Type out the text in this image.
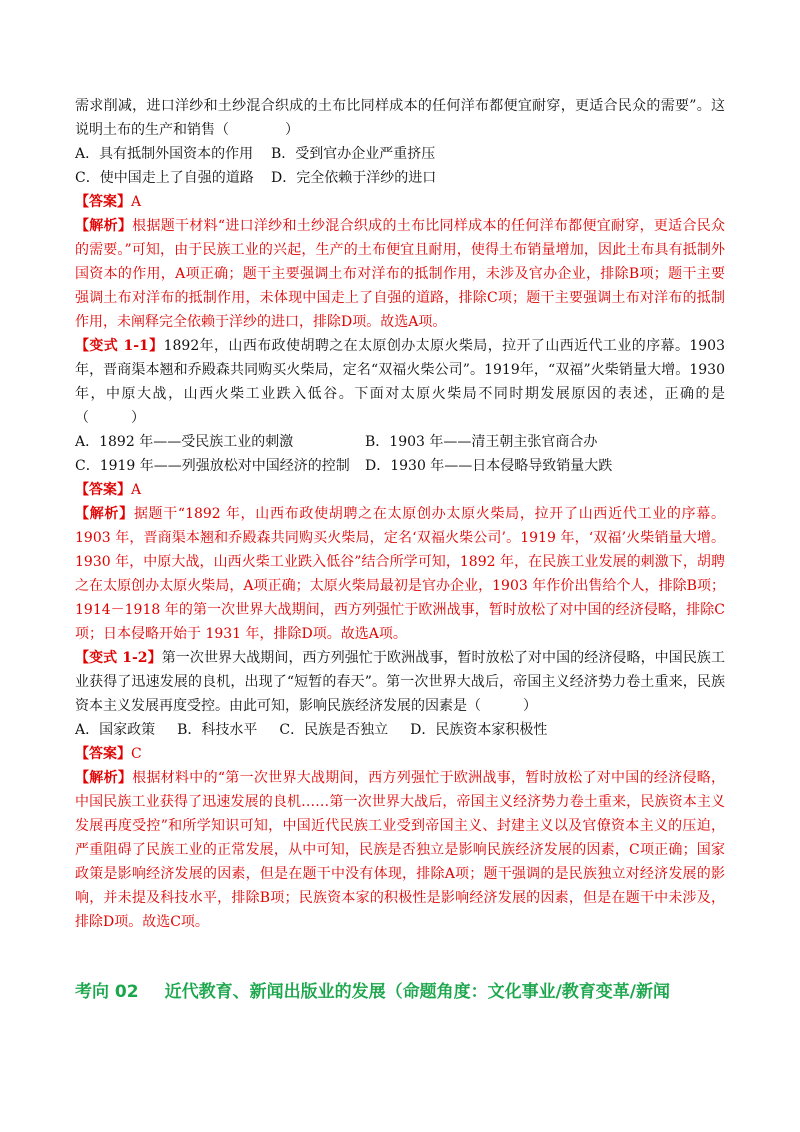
需求削减，进口洋纱和土纱混合织成的土布比同样成本的任何洋布都便宜耐穿，更适合民众的需要”。这说明土布的生产和销售（　　　　）

A．具有抵制外国资本的作用	B．受到官办企业严重挤压
C．使中国走上了自强的道路	D．完全依赖于洋纱的进口

【答案】A

【解析】根据题干材料“进口洋纱和土纱混合织成的土布比同样成本的任何洋布都便宜耐穿，更适合民众的需要。”可知，由于民族工业的兴起，生产的土布便宜且耐用，使得土布销量增加，因此土布具有抵制外国资本的作用，A项正确；题干主要强调土布对洋布的抵制作用，未涉及官办企业，排除B项；题干主要强调土布对洋布的抵制作用，未体现中国走上了自强的道路，排除C项；题干主要强调土布对洋布的抵制作用，未阐释完全依赖于洋纱的进口，排除D项。故选A项。

【变式 1-1】1892年，山西布政使胡聘之在太原创办太原火柴局，拉开了山西近代工业的序幕。1903年，晋商渠本翘和乔殿森共同购买火柴局，定名“双福火柴公司”。1919年，“双福”火柴销量大增。1930年，中原大战，山西火柴工业跌入低谷。下面对太原火柴局不同时期发展原因的表述，正确的是（　　　）

A．1892 年——受民族工业的刺激	B．1903 年——清王朝主张官商合办
C．1919 年——列强放松对中国经济的控制	D．1930 年——日本侵略导致销量大跌

【答案】A

【解析】据题干“1892 年，山西布政使胡聘之在太原创办太原火柴局，拉开了山西近代工业的序幕。1903 年，晋商渠本翘和乔殿森共同购买火柴局，定名‘双福火柴公司’。1919 年，‘双福’火柴销量大增。1930 年，中原大战，山西火柴工业跌入低谷”结合所学可知，1892 年，在民族工业发展的刺激下，胡聘之在太原创办太原火柴局，A项正确；太原火柴局最初是官办企业，1903 年作价出售给个人，排除B项；1914－1918 年的第一次世界大战期间，西方列强忙于欧洲战事，暂时放松了对中国的经济侵略，排除C项；日本侵略开始于 1931 年，排除D项。故选A项。

【变式 1-2】第一次世界大战期间，西方列强忙于欧洲战事，暂时放松了对中国的经济侵略，中国民族工业获得了迅速发展的良机，出现了“短暂的春天”。第一次世界大战后，帝国主义经济势力卷土重来，民族资本主义发展再度受控。由此可知，影响民族经济发展的因素是（　　　）

A．国家政策 B．科技水平 C．民族是否独立 D．民族资本家积极性

【答案】C

【解析】根据材料中的“第一次世界大战期间，西方列强忙于欧洲战事，暂时放松了对中国的经济侵略，中国民族工业获得了迅速发展的良机……第一次世界大战后，帝国主义经济势力卷土重来，民族资本主义发展再度受控”和所学知识可知，中国近代民族工业受到帝国主义、封建主义以及官僚资本主义的压迫，严重阻碍了民族工业的正常发展，从中可知，民族是否独立是影响民族经济发展的因素，C项正确；国家政策是影响经济发展的因素，但是在题干中没有体现，排除A项；题干强调的是民族独立对经济发展的影响，并未提及科技水平，排除B项；民族资本家的积极性是影响经济发展的因素，但是在题干中未涉及，排除D项。故选C项。

考向 02 近代教育、新闻出版业的发展（命题角度：文化事业/教育变革/新闻
